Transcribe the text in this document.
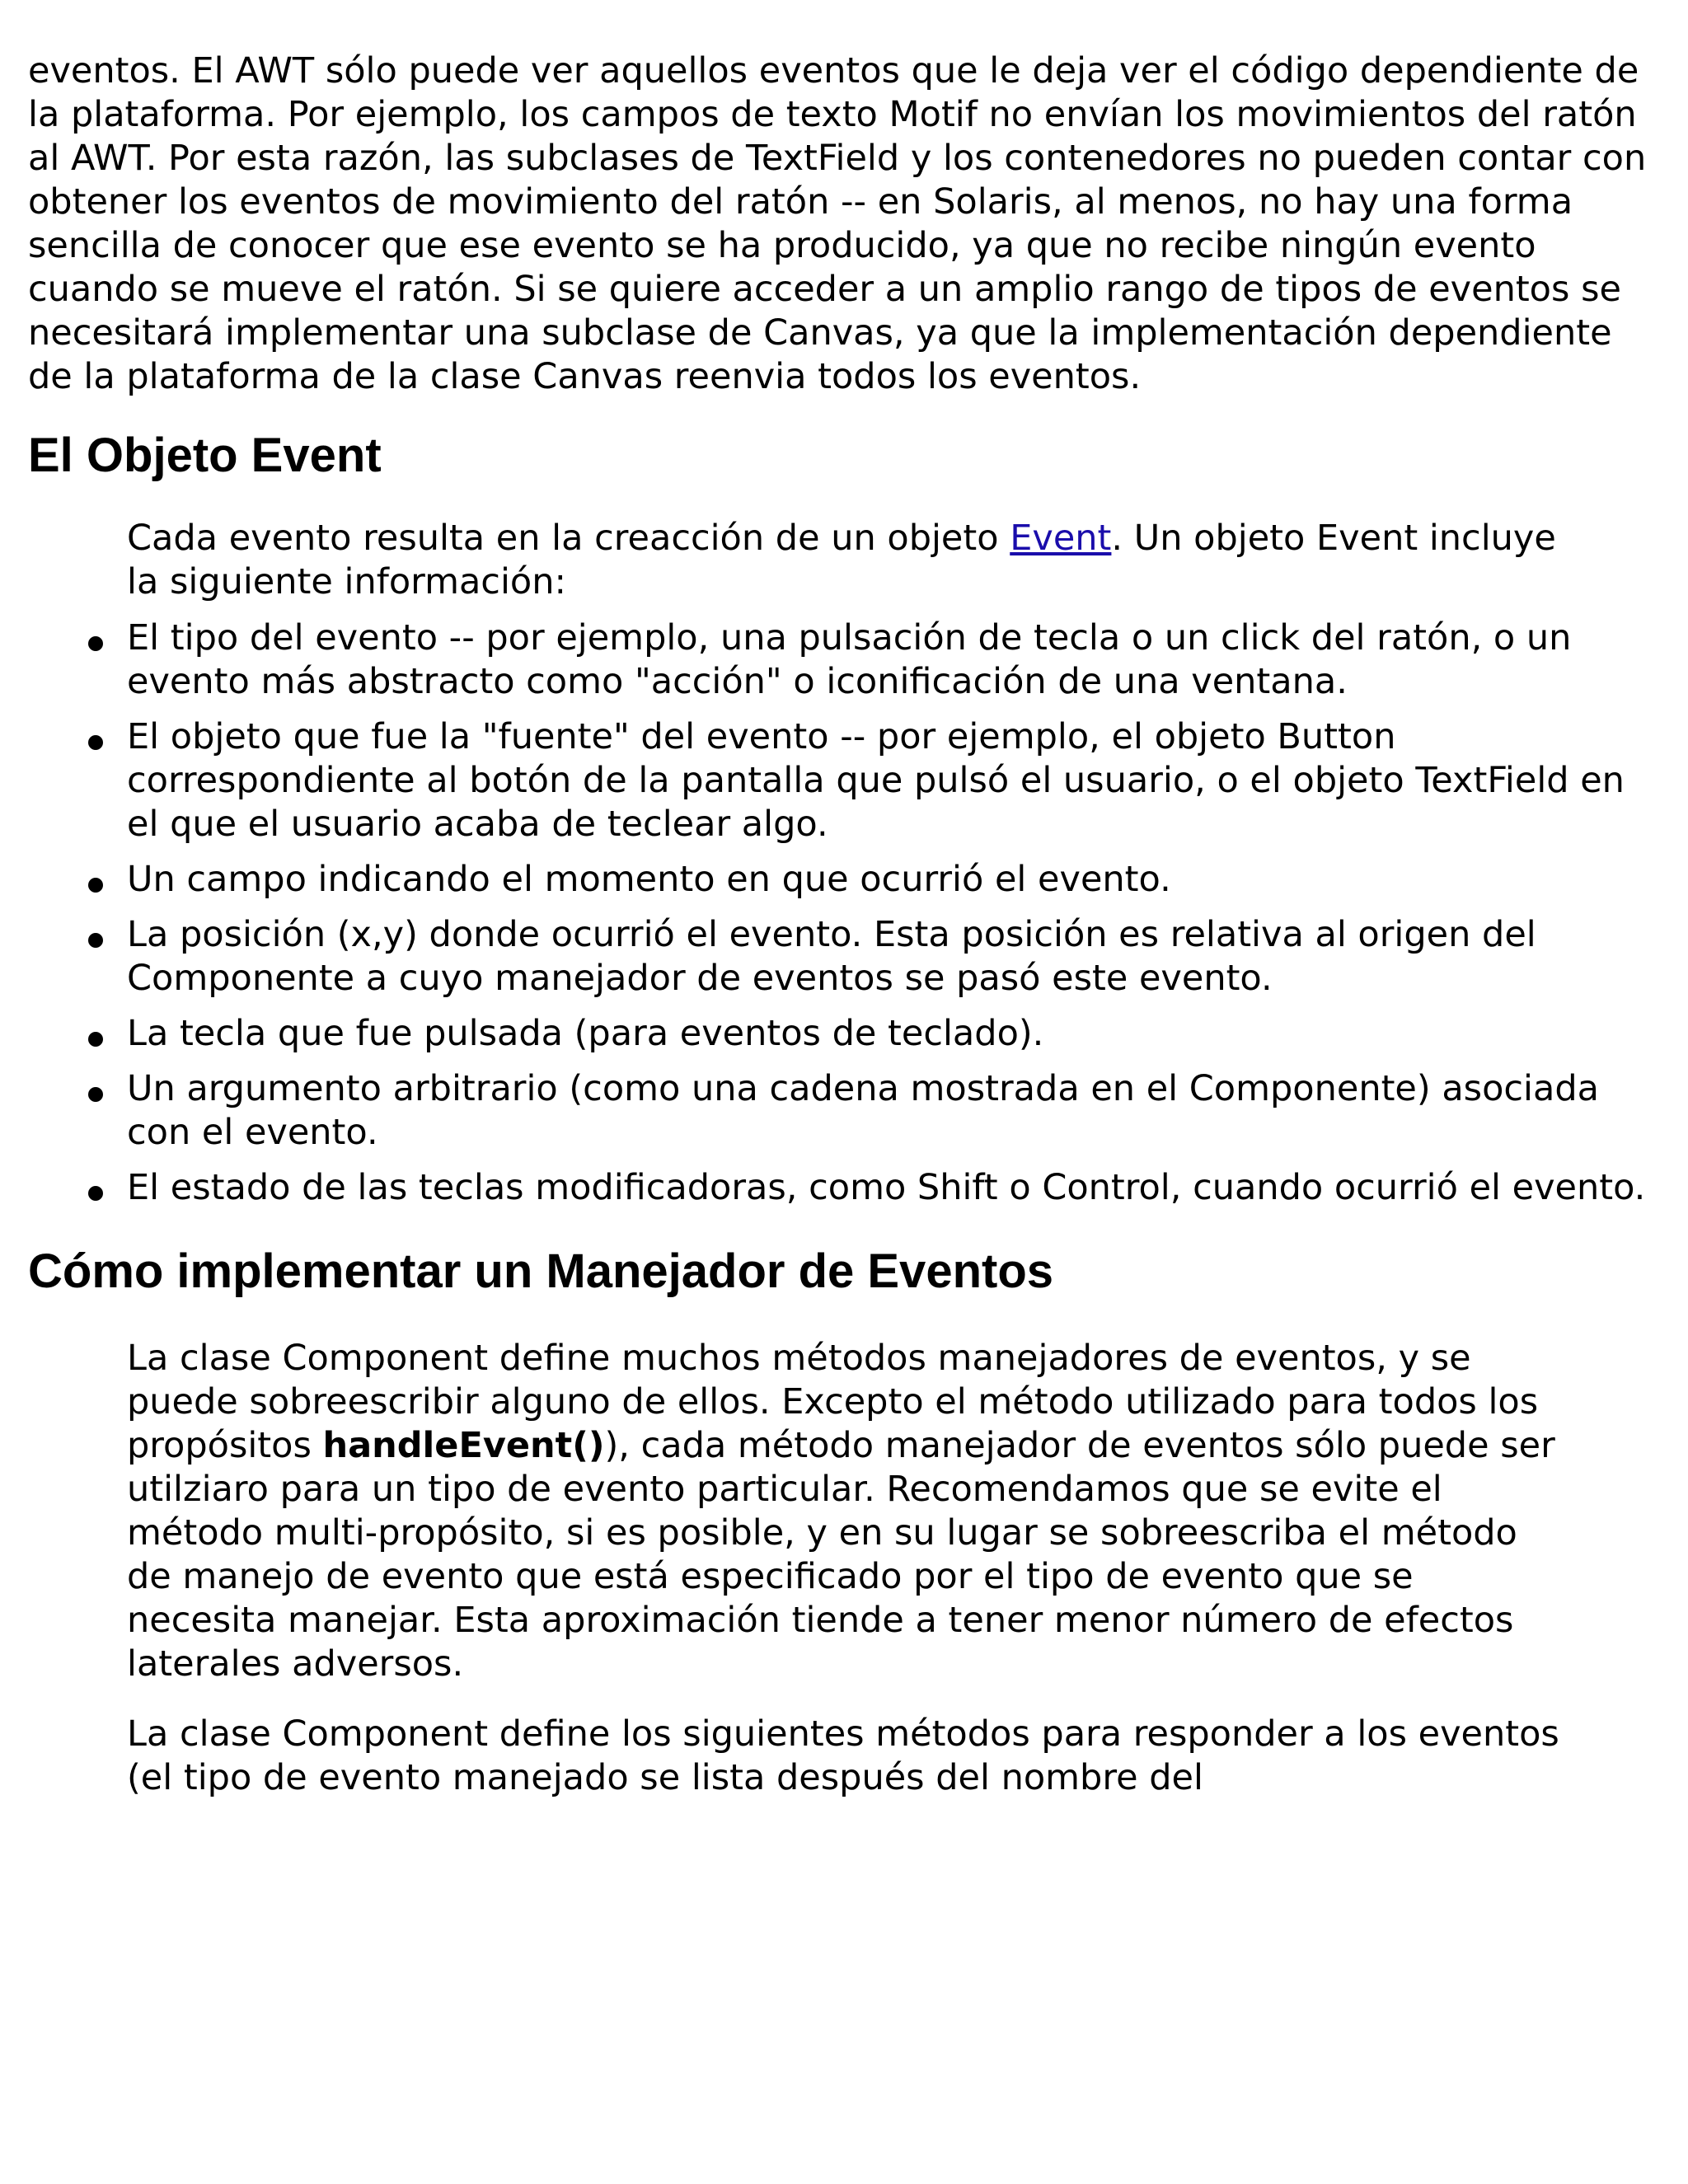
eventos. El AWT sólo puede ver aquellos eventos que le deja ver el código dependiente de la plataforma. Por ejemplo, los campos de texto Motif no envían los movimientos del ratón al AWT. Por esta razón, las subclases de TextField y los contenedores no pueden contar con obtener los eventos de movimiento del ratón -- en Solaris, al menos, no hay una forma sencilla de conocer que ese evento se ha producido, ya que no recibe ningún evento cuando se mueve el ratón. Si se quiere acceder a un amplio rango de tipos de eventos se necesitará implementar una subclase de Canvas, ya que la implementación dependiente de la plataforma de la clase Canvas reenvia todos los eventos.

El Objeto Event

Cada evento resulta en la creacción de un objeto Event. Un objeto Event incluye la siguiente información:

El tipo del evento -- por ejemplo, una pulsación de tecla o un click del ratón, o un evento más abstracto como "acción" o iconificación de una ventana.
El objeto que fue la "fuente" del evento -- por ejemplo, el objeto Button correspondiente al botón de la pantalla que pulsó el usuario, o el objeto TextField en el que el usuario acaba de teclear algo.
Un campo indicando el momento en que ocurrió el evento.
La posición (x,y) donde ocurrió el evento. Esta posición es relativa al origen del Componente a cuyo manejador de eventos se pasó este evento.
La tecla que fue pulsada (para eventos de teclado).
Un argumento arbitrario (como una cadena mostrada en el Componente) asociada con el evento.
El estado de las teclas modificadoras, como Shift o Control, cuando ocurrió el evento.
Cómo implementar un Manejador de Eventos

La clase Component define muchos métodos manejadores de eventos, y se puede sobreescribir alguno de ellos. Excepto el método utilizado para todos los propósitos handleEvent()), cada método manejador de eventos sólo puede ser utilziaro para un tipo de evento particular. Recomendamos que se evite el método multi-propósito, si es posible, y en su lugar se sobreescriba el método de manejo de evento que está especificado por el tipo de evento que se necesita manejar. Esta aproximación tiende a tener menor número de efectos laterales adversos.

La clase Component define los siguientes métodos para responder a los eventos (el tipo de evento manejado se lista después del nombre del
